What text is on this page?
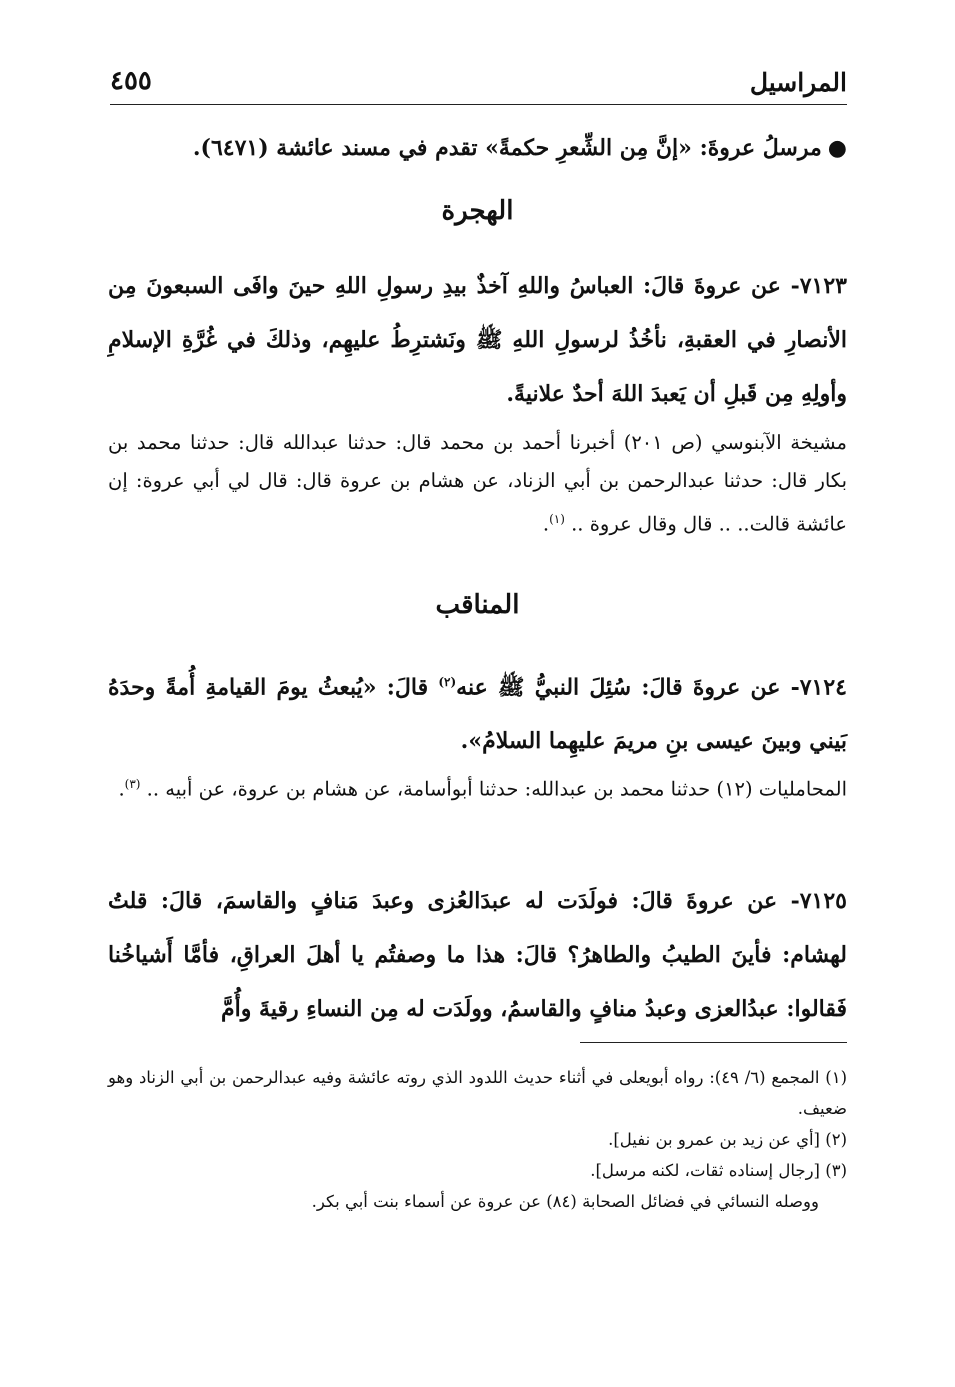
المراسيل
٤٥٥
●مرسلُ عروةَ: «إنَّ مِن الشِّعرِ حكمةً» تقدم في مسند عائشة (٦٤٧١).
الهجرة
٧١٢٣- عن عروةَ قالَ: العباسُ واللهِ آخذٌ بيدِ رسولِ اللهِ حينَ وافَى السبعونَ مِن الأنصارِ في العقبةِ، نأخُذُ لرسولِ اللهِ ﷺ ونَشترِطُ عليهِم، وذلكَ في غُرَّةِ الإسلامِ وأولِهِ مِن قَبلِ أن يَعبدَ اللهَ أحدٌ علانيةً.
مشيخة الآبنوسي (ص ٢٠١) أخبرنا أحمد بن محمد قال: حدثنا عبدالله قال: حدثنا محمد بن بكار قال: حدثنا عبدالرحمن بن أبي الزناد، عن هشام بن عروة قال: قال لي أبي عروة: إن عائشة قالت.. .. قال وقال عروة .. $^{(١)}$.
المناقب
٧١٢٤- عن عروةَ قالَ: سُئِلَ النبيُّ ﷺ عنه$^{(٢)}$ قالَ: «يُبعثُ يومَ القيامةِ أُمةً وحدَهُ بَيني وبينَ عيسى بنِ مريمَ عليهِما السلامُ».
المحامليات (١٢) حدثنا محمد بن عبدالله: حدثنا أبوأسامة، عن هشام بن عروة، عن أبيه .. $^{(٣)}$.
٧١٢٥- عن عروةَ قالَ: فولَدَت له عبدَالعُزى وعبدَ مَنافٍ والقاسمَ، قالَ: قلتُ لهشام: فأينَ الطيبُ والطاهرُ؟ قالَ: هذا ما وصفتُم يا أهلَ العراقِ، فأمَّا أَشياخُنا فَقالوا: عبدُالعزى وعبدُ منافٍ والقاسمُ، وولَدَت له مِن النساءِ رقيةَ وأُمَّ

(١) المجمع (٦/ ٤٩): رواه أبويعلى في أثناء حديث اللدود الذي روته عائشة وفيه عبدالرحمن بن أبي الزناد وهو ضعيف.

(٢) [أي عن زيد بن عمرو بن نفيل].

(٣) [رجال إسناده ثقات، لكنه مرسل].

ووصله النسائي في فضائل الصحابة (٨٤) عن عروة عن أسماء بنت أبي بكر.
